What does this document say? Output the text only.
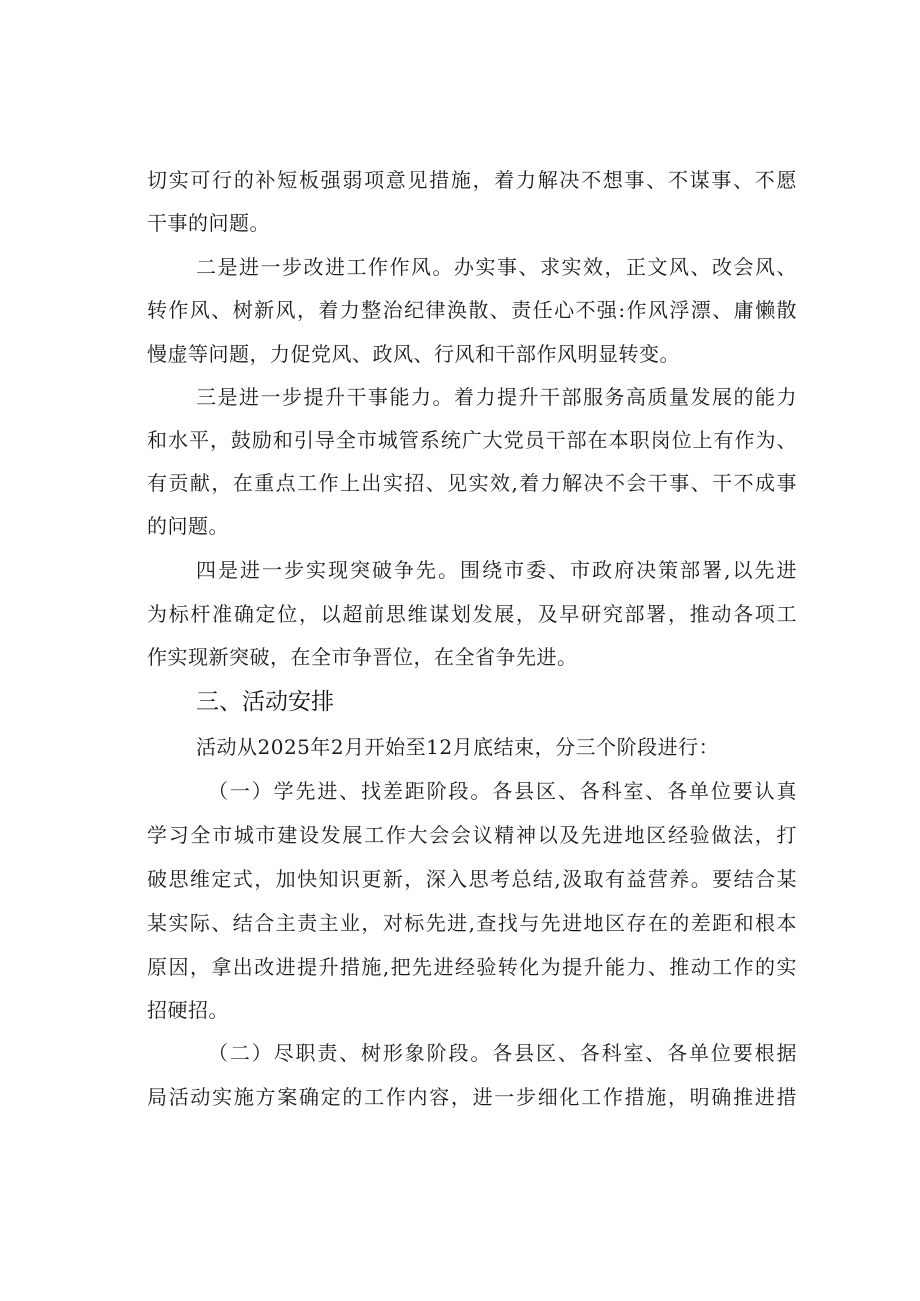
切实可行的补短板强弱项意见措施，着力解决不想事、不谋事、不愿
干事的问题。
二是进一步改进工作作风。办实事、求实效，正文风、改会风、
转作风、树新风，着力整治纪律涣散、责任心不强:作风浮漂、庸懒散
慢虚等问题，力促党风、政风、行风和干部作风明显转变。
三是进一步提升干事能力。着力提升干部服务高质量发展的能力
和水平，鼓励和引导全市城管系统广大党员干部在本职岗位上有作为、
有贡献，在重点工作上出实招、见实效,着力解决不会干事、干不成事
的问题。
四是进一步实现突破争先。围绕市委、市政府决策部署,以先进
为标杆准确定位，以超前思维谋划发展，及早研究部署，推动各项工
作实现新突破，在全市争晋位，在全省争先进。
三、活动安排
活动从2025年2月开始至12月底结束，分三个阶段进行：
（一）学先进、找差距阶段。各县区、各科室、各单位要认真
学习全市城市建设发展工作大会会议精神以及先进地区经验做法，打
破思维定式，加快知识更新，深入思考总结,汲取有益营养。要结合某
某实际、结合主责主业，对标先进,查找与先进地区存在的差距和根本
原因，拿出改进提升措施,把先进经验转化为提升能力、推动工作的实
招硬招。
（二）尽职责、树形象阶段。各县区、各科室、各单位要根据
局活动实施方案确定的工作内容，进一步细化工作措施，明确推进措
